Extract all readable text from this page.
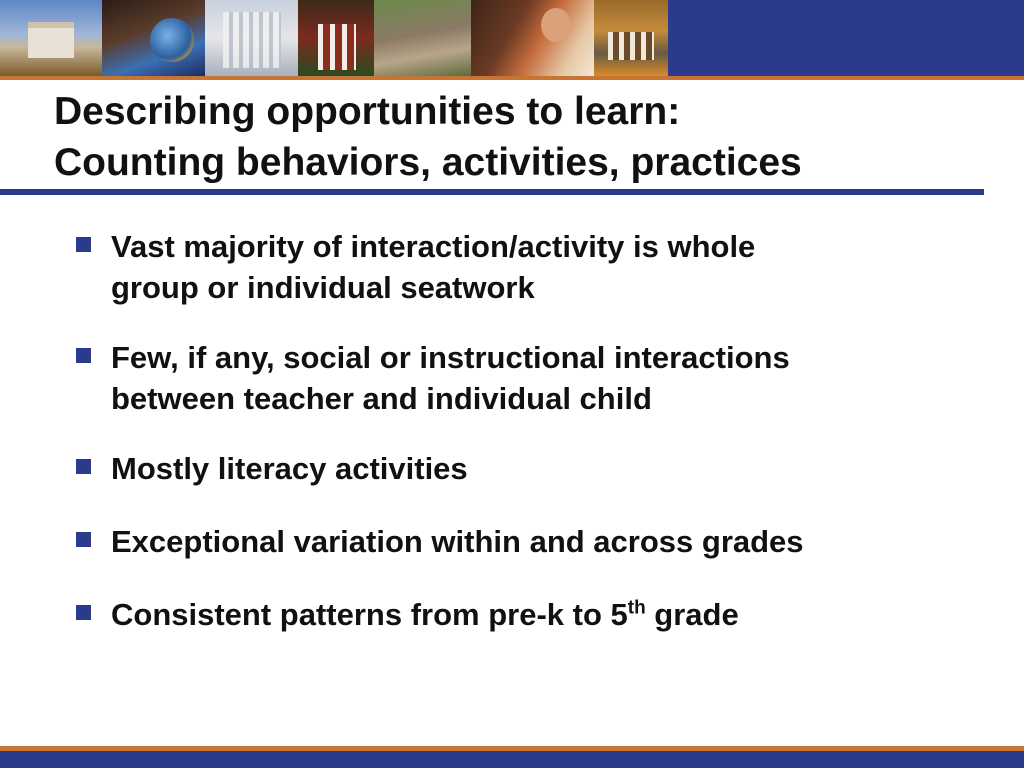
Describing opportunities to learn:
Counting behaviors, activities, practices
Vast majority of interaction/activity is whole
group or individual seatwork
Few, if any, social or instructional interactions
between teacher and individual child
Mostly literacy activities
Exceptional variation within and across grades
Consistent patterns from pre-k to 5th grade
